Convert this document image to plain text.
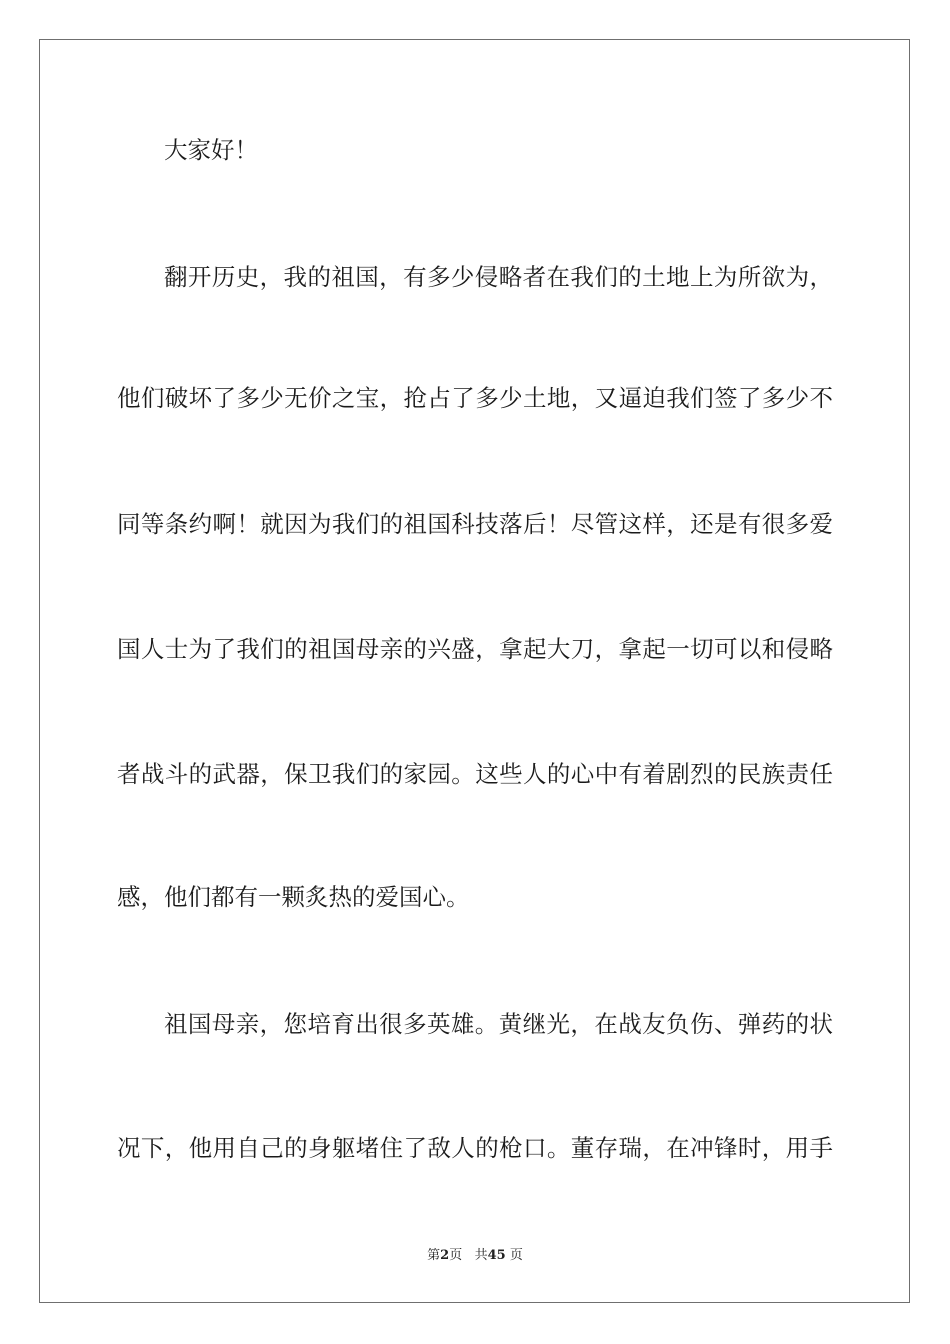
大家好！
翻开历史，我的祖国，有多少侵略者在我们的土地上为所欲为，
他们破坏了多少无价之宝，抢占了多少土地，又逼迫我们签了多少不
同等条约啊！就因为我们的祖国科技落后！尽管这样，还是有很多爱
国人士为了我们的祖国母亲的兴盛，拿起大刀，拿起一切可以和侵略
者战斗的武器，保卫我们的家园。这些人的心中有着剧烈的民族责任
感，他们都有一颗炙热的爱国心。
祖国母亲，您培育出很多英雄。黄继光，在战友负伤、弹药的状
况下，他用自己的身躯堵住了敌人的枪口。董存瑞，在冲锋时，用手
第2页 共45 页
